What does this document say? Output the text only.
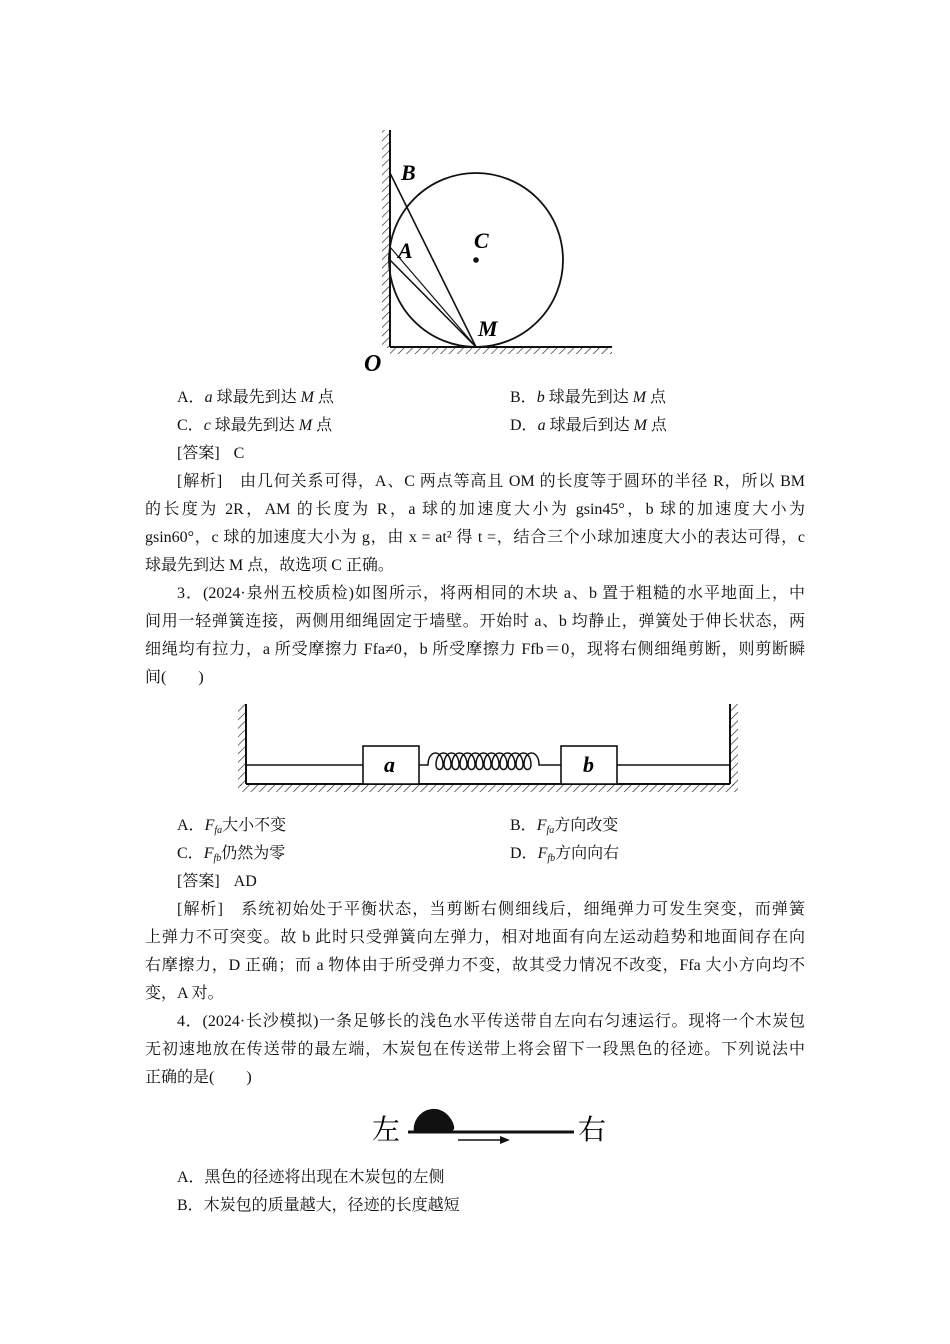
B
A	C
M
O
A．a 球最先到达 M 点	B．b 球最先到达 M 点
C．c 球最先到达 M 点	D．a 球最后到达 M 点
[答案] C
[解析]　 由几何关系可得，A、C 两点等高且 OM 的长度等于圆环的半径 R，所以 BM
的长度为 2R，AM 的长度为 R，a 球的加速度大小为 gsin45°，b 球的加速度大小为
gsin60°，c 球的加速度大小为 g，由 x = at² 得 t =，结合三个小球加速度大小的表达可得，c
球最先到达 M 点，故选项 C 正确。
3．(2024·泉州五校质检)如图所示，将两相同的木块 a、b 置于粗糙的水平地面上，中
间用一轻弹簧连接，两侧用细绳固定于墙壁。开始时 a、b 均静止，弹簧处于伸长状态，两
细绳均有拉力，a 所受摩擦力 Ffa≠0，b 所受摩擦力 Ffb＝0，现将右侧细绳剪断，则剪断瞬
间(　　)
a	b
A．$F_{fa}$大小不变	B．$F_{fa}$方向改变
C．$F_{fb}$仍然为零	D．$F_{fb}$方向向右
[答案] AD
[解析]　 系统初始处于平衡状态，当剪断右侧细线后，细绳弹力可发生突变，而弹簧
上弹力不可突变。故 b 此时只受弹簧向左弹力，相对地面有向左运动趋势和地面间存在向
右摩擦力，D 正确；而 a 物体由于所受弹力不变，故其受力情况不改变，Ffa 大小方向均不
变，A 对。
4．(2024·长沙模拟)一条足够长的浅色水平传送带自左向右匀速运行。现将一个木炭包
无初速地放在传送带的最左端，木炭包在传送带上将会留下一段黑色的径迹。下列说法中
正确的是(　　)
左	右
A．黑色的径迹将出现在木炭包的左侧
B．木炭包的质量越大，径迹的长度越短
